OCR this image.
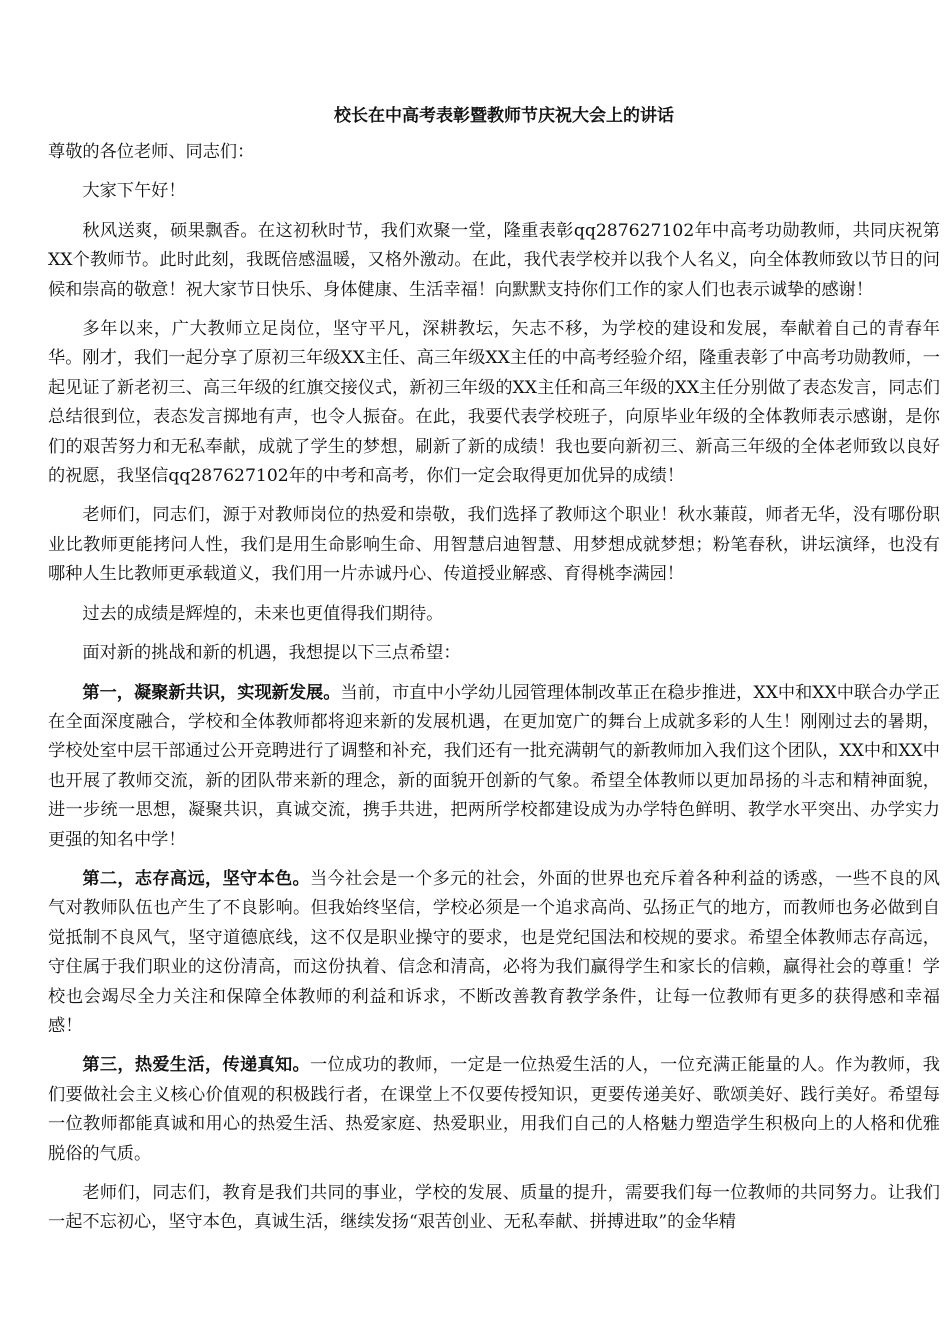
校长在中高考表彰暨教师节庆祝大会上的讲话
尊敬的各位老师、同志们：

大家下午好！

秋风送爽，硕果飘香。在这初秋时节，我们欢聚一堂，隆重表彰qq287627102年中高考功勋教师，共同庆祝第XX个教师节。此时此刻，我既倍感温暖，又格外激动。在此，我代表学校并以我个人名义，向全体教师致以节日的问候和崇高的敬意！祝大家节日快乐、身体健康、生活幸福！向默默支持你们工作的家人们也表示诚挚的感谢！

多年以来，广大教师立足岗位，坚守平凡，深耕教坛，矢志不移，为学校的建设和发展，奉献着自己的青春年华。刚才，我们一起分享了原初三年级XX主任、高三年级XX主任的中高考经验介绍，隆重表彰了中高考功勋教师，一起见证了新老初三、高三年级的红旗交接仪式，新初三年级的XX主任和高三年级的XX主任分别做了表态发言，同志们总结很到位，表态发言掷地有声，也令人振奋。在此，我要代表学校班子，向原毕业年级的全体教师表示感谢，是你们的艰苦努力和无私奉献，成就了学生的梦想，刷新了新的成绩！我也要向新初三、新高三年级的全体老师致以良好的祝愿，我坚信qq287627102年的中考和高考，你们一定会取得更加优异的成绩！

老师们，同志们，源于对教师岗位的热爱和崇敬，我们选择了教师这个职业！秋水蒹葭，师者无华，没有哪份职业比教师更能拷问人性，我们是用生命影响生命、用智慧启迪智慧、用梦想成就梦想；粉笔春秋，讲坛演绎，也没有哪种人生比教师更承载道义，我们用一片赤诚丹心、传道授业解惑、育得桃李满园！

过去的成绩是辉煌的，未来也更值得我们期待。

面对新的挑战和新的机遇，我想提以下三点希望：

第一，凝聚新共识，实现新发展。当前，市直中小学幼儿园管理体制改革正在稳步推进，XX中和XX中联合办学正在全面深度融合，学校和全体教师都将迎来新的发展机遇，在更加宽广的舞台上成就多彩的人生！刚刚过去的暑期，学校处室中层干部通过公开竞聘进行了调整和补充，我们还有一批充满朝气的新教师加入我们这个团队，XX中和XX中也开展了教师交流，新的团队带来新的理念，新的面貌开创新的气象。希望全体教师以更加昂扬的斗志和精神面貌，进一步统一思想，凝聚共识，真诚交流，携手共进，把两所学校都建设成为办学特色鲜明、教学水平突出、办学实力更强的知名中学！

第二，志存高远，坚守本色。当今社会是一个多元的社会，外面的世界也充斥着各种利益的诱惑，一些不良的风气对教师队伍也产生了不良影响。但我始终坚信，学校必须是一个追求高尚、弘扬正气的地方，而教师也务必做到自觉抵制不良风气，坚守道德底线，这不仅是职业操守的要求，也是党纪国法和校规的要求。希望全体教师志存高远，守住属于我们职业的这份清高，而这份执着、信念和清高，必将为我们赢得学生和家长的信赖，赢得社会的尊重！学校也会竭尽全力关注和保障全体教师的利益和诉求，不断改善教育教学条件，让每一位教师有更多的获得感和幸福感！

第三，热爱生活，传递真知。一位成功的教师，一定是一位热爱生活的人，一位充满正能量的人。作为教师，我们要做社会主义核心价值观的积极践行者，在课堂上不仅要传授知识，更要传递美好、歌颂美好、践行美好。希望每一位教师都能真诚和用心的热爱生活、热爱家庭、热爱职业，用我们自己的人格魅力塑造学生积极向上的人格和优雅脱俗的气质。

老师们，同志们，教育是我们共同的事业，学校的发展、质量的提升，需要我们每一位教师的共同努力。让我们一起不忘初心，坚守本色，真诚生活，继续发扬“艰苦创业、无私奉献、拼搏进取”的金华精
